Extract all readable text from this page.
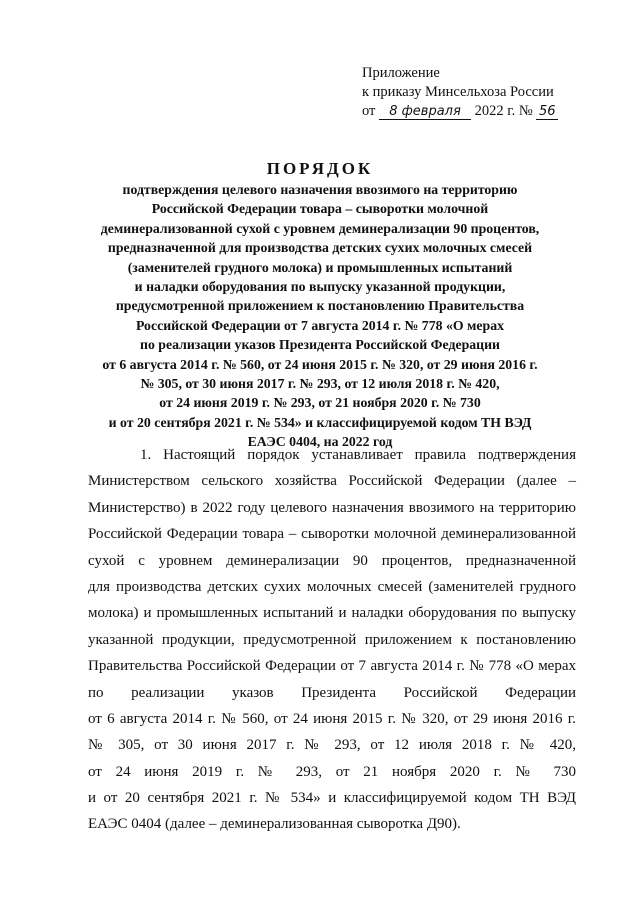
Приложение
к приказу Минсельхоза России
от 8 февраля 2022 г. № 56
ПОРЯДОК
подтверждения целевого назначения ввозимого на территорию
Российской Федерации товара – сыворотки молочной
деминерализованной сухой с уровнем деминерализации 90 процентов,
предназначенной для производства детских сухих молочных смесей
(заменителей грудного молока) и промышленных испытаний
и наладки оборудования по выпуску указанной продукции,
предусмотренной приложением к постановлению Правительства
Российской Федерации от 7 августа 2014 г. № 778 «О мерах
по реализации указов Президента Российской Федерации
от 6 августа 2014 г. № 560, от 24 июня 2015 г. № 320, от 29 июня 2016 г.
№ 305, от 30 июня 2017 г. № 293, от 12 июля 2018 г. № 420,
от 24 июня 2019 г. № 293, от 21 ноября 2020 г. № 730
и от 20 сентября 2021 г. № 534» и классифицируемой кодом ТН ВЭД
ЕАЭС 0404, на 2022 год
1. Настоящий порядок устанавливает правила подтверждения
Министерством сельского хозяйства Российской Федерации (далее –
Министерство) в 2022 году целевого назначения ввозимого на территорию
Российской Федерации товара – сыворотки молочной деминерализованной
сухой с уровнем деминерализации 90 процентов, предназначенной
для производства детских сухих молочных смесей (заменителей грудного
молока) и промышленных испытаний и наладки оборудования по выпуску
указанной продукции, предусмотренной приложением к постановлению
Правительства Российской Федерации от 7 августа 2014 г. № 778 «О мерах
по реализации указов Президента Российской Федерации
от 6 августа 2014 г. № 560, от 24 июня 2015 г. № 320, от 29 июня 2016 г.
№ 305, от 30 июня 2017 г. № 293, от 12 июля 2018 г. № 420,
от 24 июня 2019 г. № 293, от 21 ноября 2020 г. № 730
и от 20 сентября 2021 г. № 534» и классифицируемой кодом ТН ВЭД
ЕАЭС 0404 (далее – деминерализованная сыворотка Д90).
